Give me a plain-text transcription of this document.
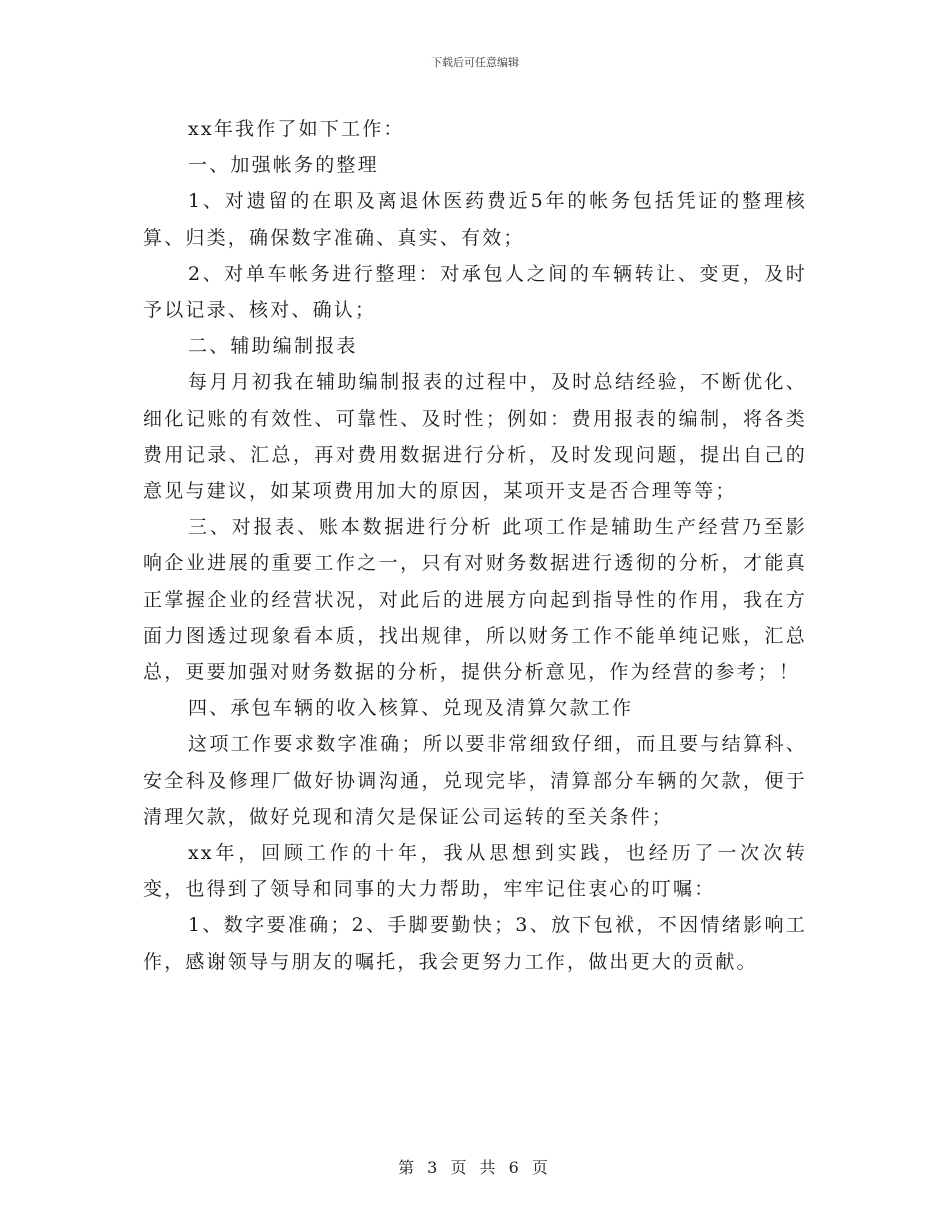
下载后可任意编辑

xx年我作了如下工作：

一、加强帐务的整理

1、对遗留的在职及离退休医药费近5年的帐务包括凭证的整理核算、归类，确保数字准确、真实、有效；

2、对单车帐务进行整理：对承包人之间的车辆转让、变更，及时予以记录、核对、确认；

二、辅助编制报表

每月月初我在辅助编制报表的过程中，及时总结经验，不断优化、细化记账的有效性、可靠性、及时性；例如：费用报表的编制，将各类费用记录、汇总，再对费用数据进行分析，及时发现问题，提出自己的意见与建议，如某项费用加大的原因，某项开支是否合理等等；

三、对报表、账本数据进行分析 此项工作是辅助生产经营乃至影响企业进展的重要工作之一，只有对财务数据进行透彻的分析，才能真正掌握企业的经营状况，对此后的进展方向起到指导性的作用，我在方面力图透过现象看本质，找出规律，所以财务工作不能单纯记账，汇总总，更要加强对财务数据的分析，提供分析意见，作为经营的参考；！

四、承包车辆的收入核算、兑现及清算欠款工作

这项工作要求数字准确；所以要非常细致仔细，而且要与结算科、安全科及修理厂做好协调沟通，兑现完毕，清算部分车辆的欠款，便于清理欠款，做好兑现和清欠是保证公司运转的至关条件；

xx年，回顾工作的十年，我从思想到实践，也经历了一次次转变，也得到了领导和同事的大力帮助，牢牢记住衷心的叮嘱：

1、数字要准确；2、手脚要勤快；3、放下包袱，不因情绪影响工作，感谢领导与朋友的嘱托，我会更努力工作，做出更大的贡献。

第 3 页 共 6 页
